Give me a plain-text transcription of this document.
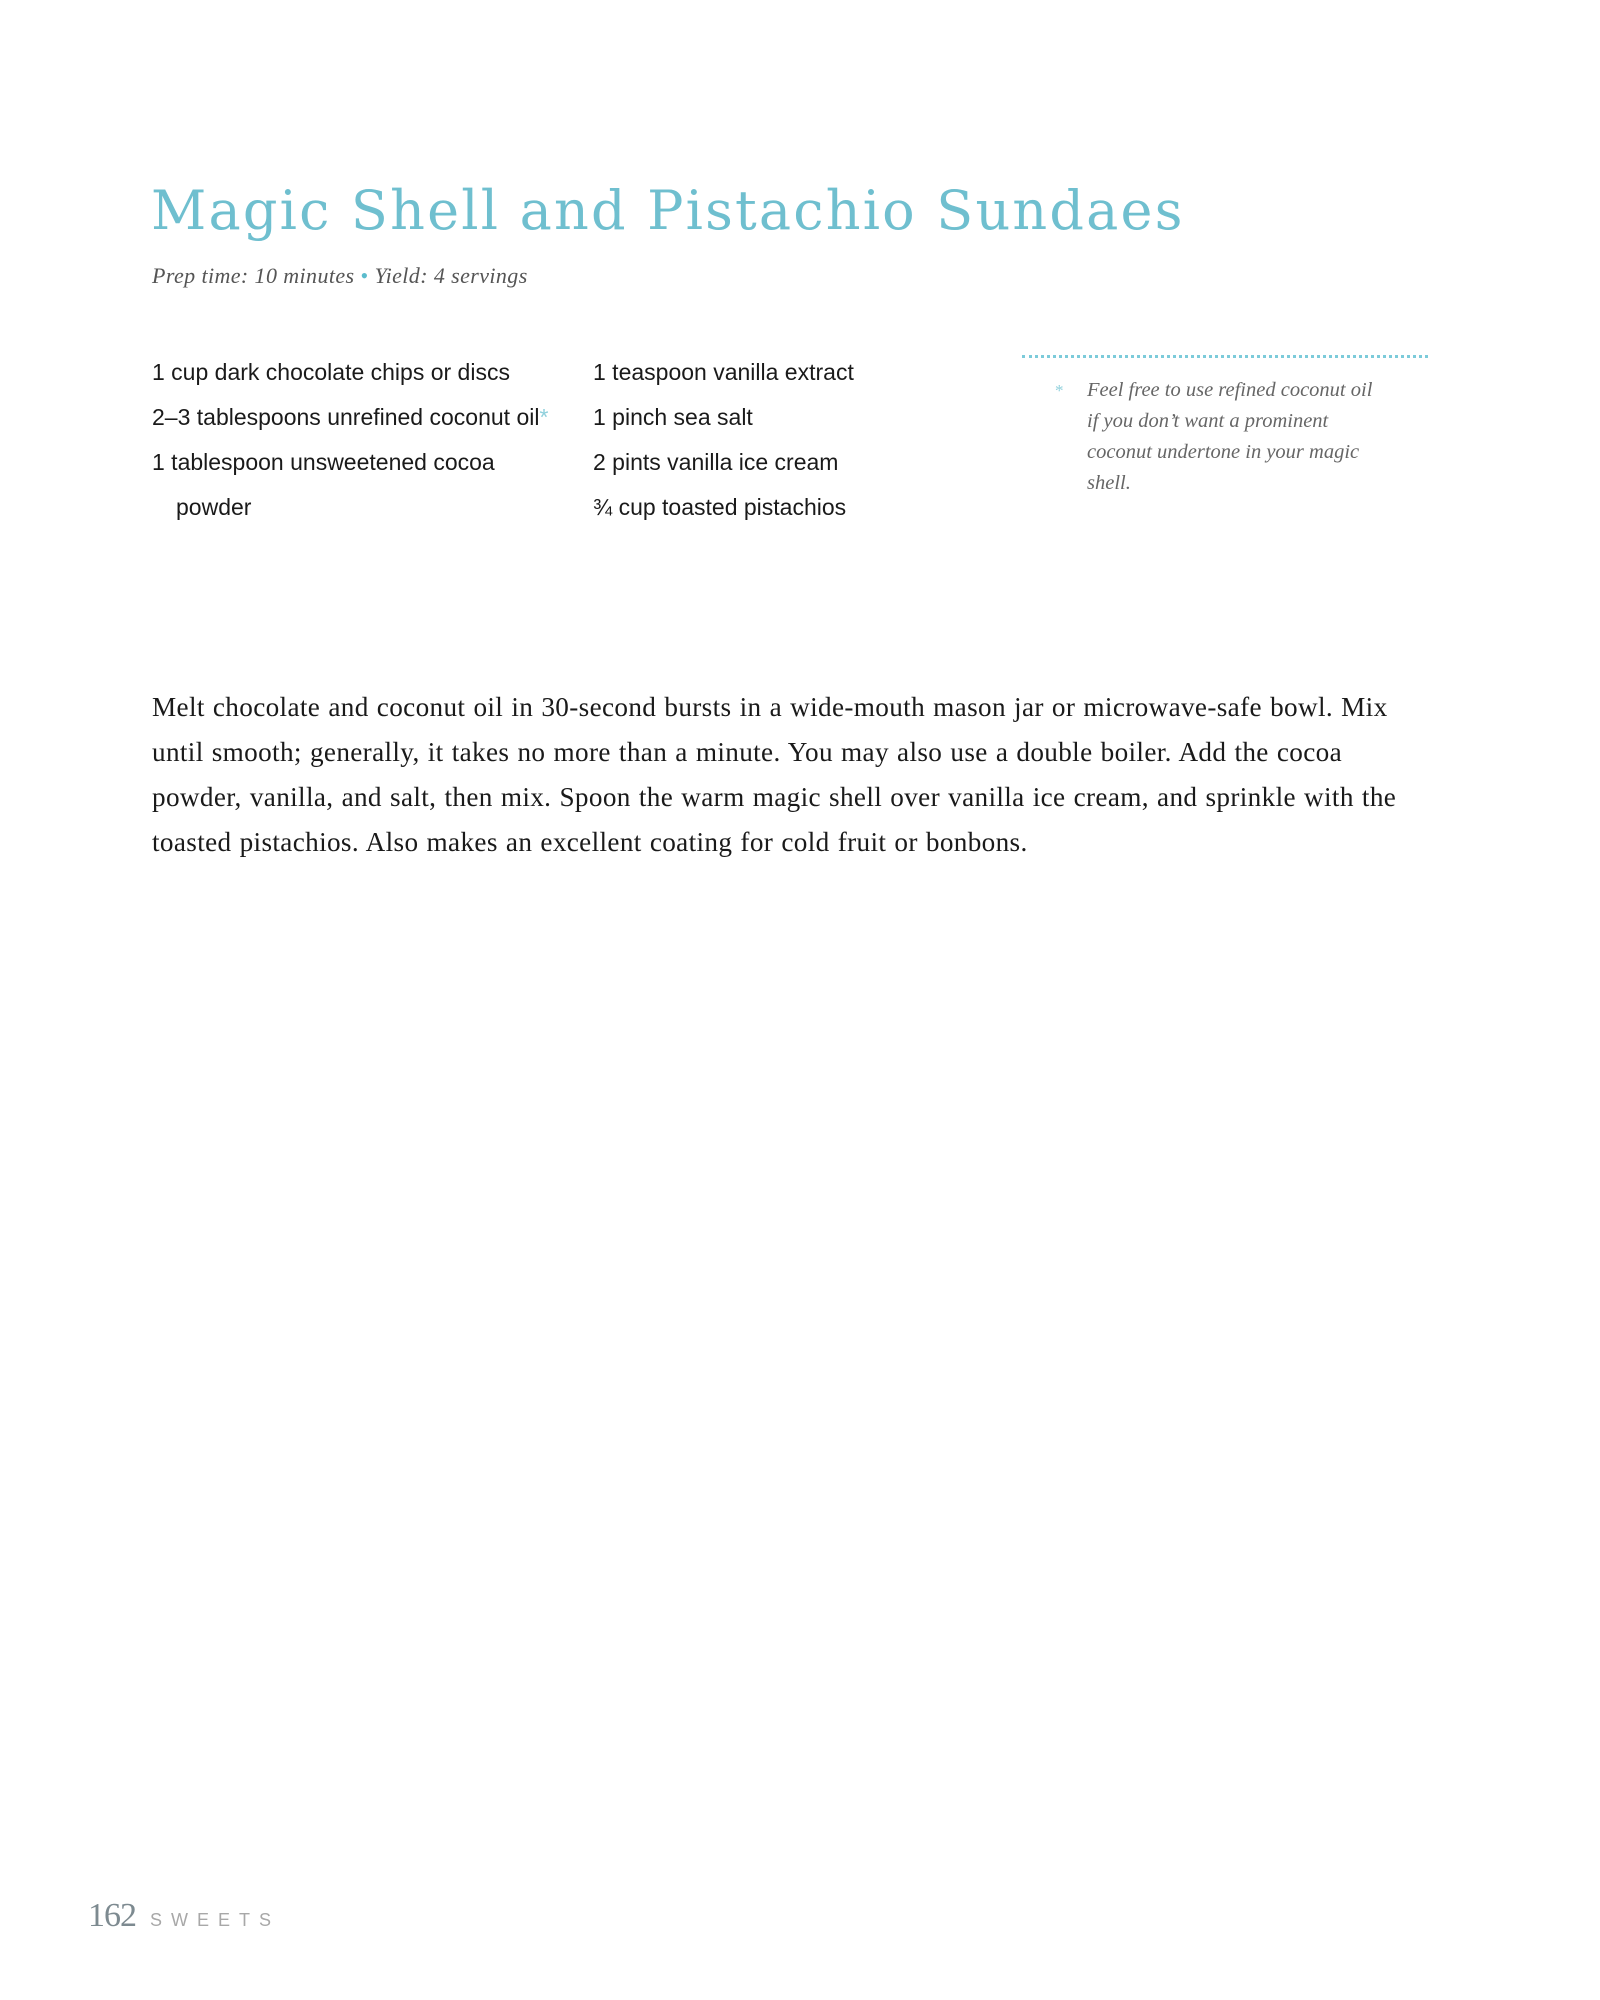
Magic Shell and Pistachio Sundaes
Prep time: 10 minutes • Yield: 4 servings
1 cup dark chocolate chips or discs
2–3 tablespoons unrefined coconut oil*
1 tablespoon unsweetened cocoa powder
1 teaspoon vanilla extract
1 pinch sea salt
2 pints vanilla ice cream
¾ cup toasted pistachios
* Feel free to use refined coconut oil if you don’t want a prominent coconut undertone in your magic shell.

Melt chocolate and coconut oil in 30-second bursts in a wide-mouth mason jar or microwave-safe bowl. Mix until smooth; generally, it takes no more than a minute. You may also use a double boiler. Add the cocoa powder, vanilla, and salt, then mix. Spoon the warm magic shell over vanilla ice cream, and sprinkle with the toasted pistachios. Also makes an excellent coating for cold fruit or bonbons.

162 SWEETS
